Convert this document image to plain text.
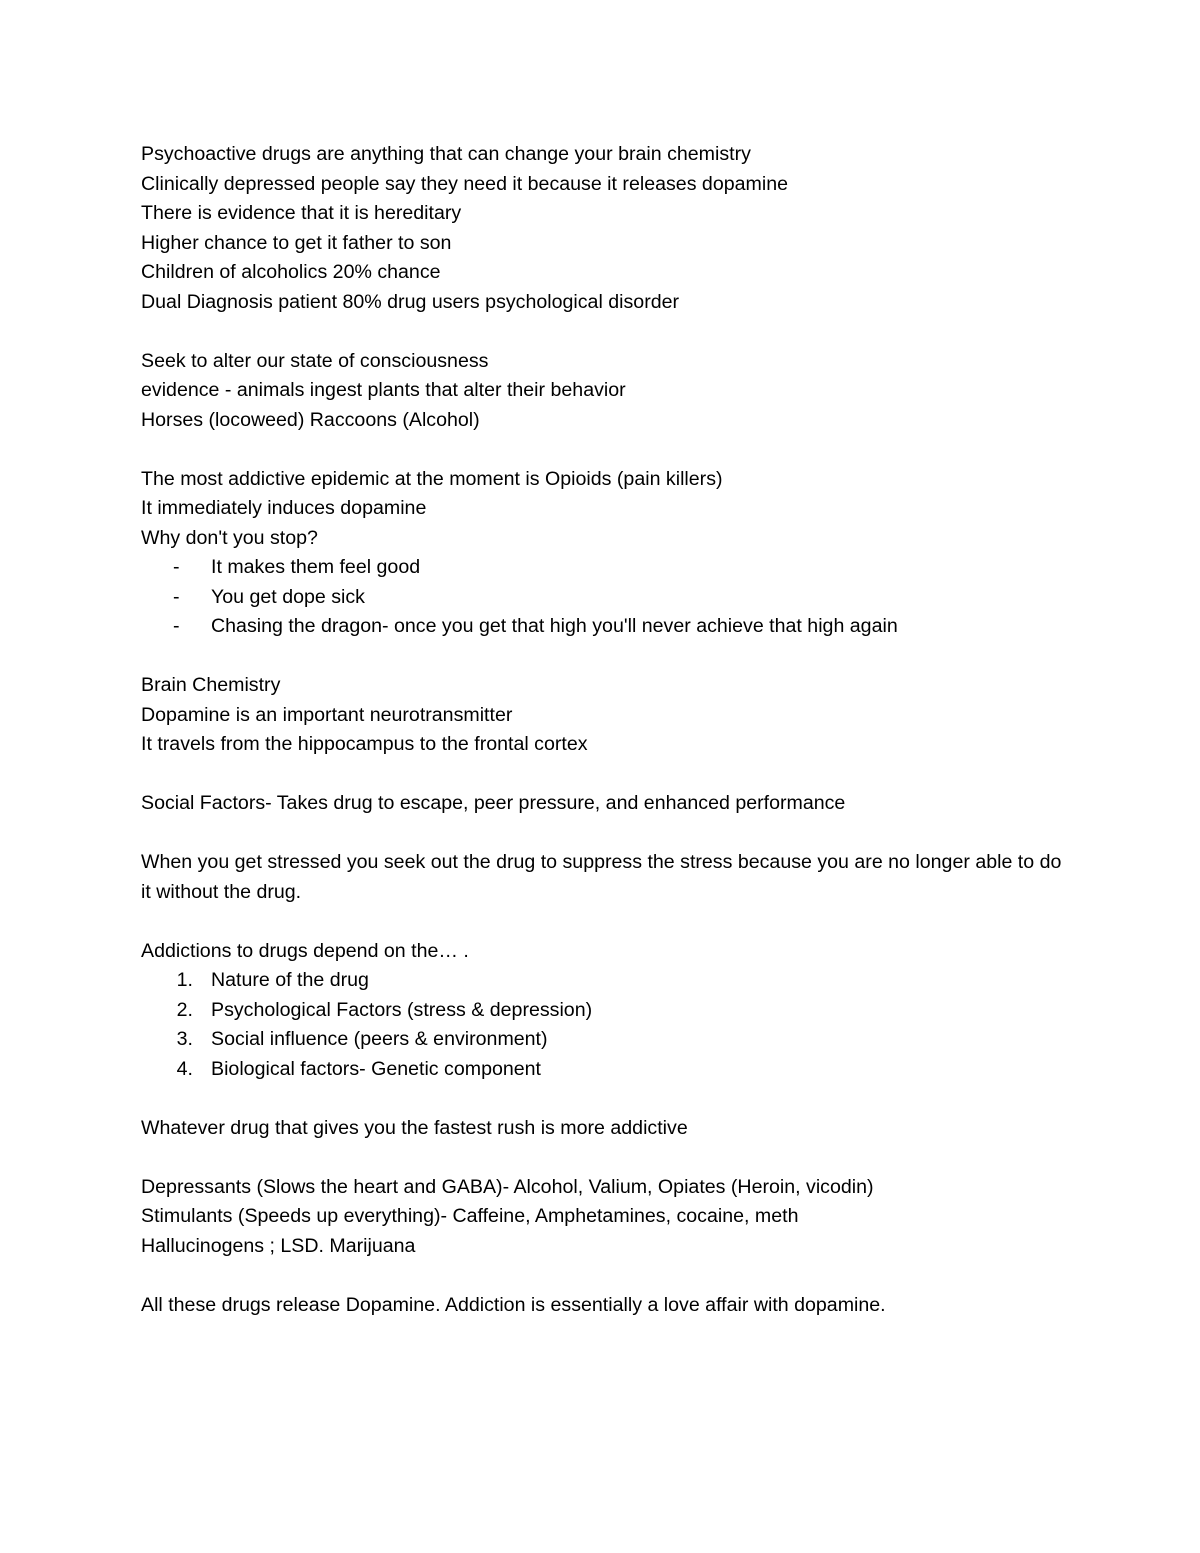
Psychoactive drugs are anything that can change your brain chemistry

Clinically depressed people say they need it because it releases dopamine

There is evidence that it is hereditary

Higher chance to get it father to son

Children of alcoholics 20% chance

Dual Diagnosis patient 80% drug users psychological disorder

Seek to alter our state of consciousness

evidence - animals ingest plants that alter their behavior

Horses (locoweed) Raccoons (Alcohol)

The most addictive epidemic at the moment is Opioids (pain killers)

It immediately induces dopamine

Why don't you stop?

- It makes them feel good
- You get dope sick
- Chasing the dragon- once you get that high you'll never achieve that high again

Brain Chemistry

Dopamine is an important neurotransmitter

It travels from the hippocampus to the frontal cortex

Social Factors- Takes drug to escape, peer pressure, and enhanced performance

When you get stressed you seek out the drug to suppress the stress because you are no longer able to do it without the drug.

Addictions to drugs depend on the… .

1. Nature of the drug
2. Psychological Factors (stress & depression)
3. Social influence (peers & environment)
4. Biological factors- Genetic component

Whatever drug that gives you the fastest rush is more addictive

Depressants (Slows the heart and GABA)- Alcohol, Valium, Opiates (Heroin, vicodin)

Stimulants (Speeds up everything)- Caffeine, Amphetamines, cocaine, meth

Hallucinogens ; LSD. Marijuana

All these drugs release Dopamine. Addiction is essentially a love affair with dopamine.
